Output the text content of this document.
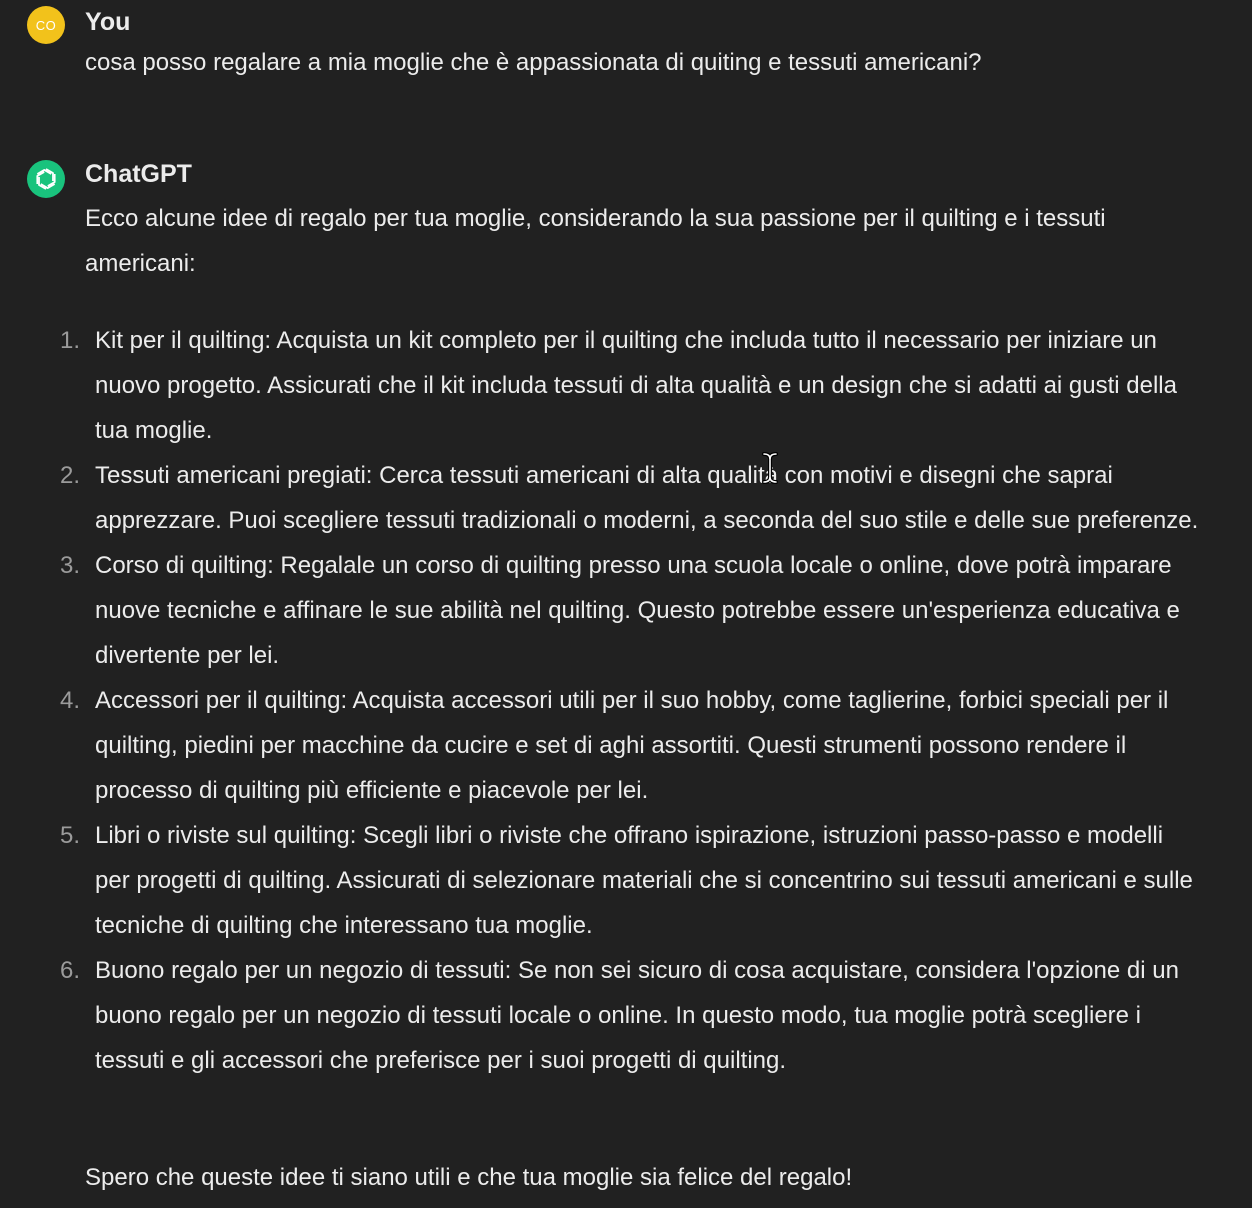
CO You

cosa posso regalare a mia moglie che è appassionata di quiting e tessuti americani?

ChatGPT

Ecco alcune idee di regalo per tua moglie, considerando la sua passione per il quilting e i tessuti americani:

1. Kit per il quilting: Acquista un kit completo per il quilting che includa tutto il necessario per iniziare un nuovo progetto. Assicurati che il kit includa tessuti di alta qualità e un design che si adatti ai gusti della tua moglie.
2. Tessuti americani pregiati: Cerca tessuti americani di alta qualità con motivi e disegni che saprai apprezzare. Puoi scegliere tessuti tradizionali o moderni, a seconda del suo stile e delle sue preferenze.
3. Corso di quilting: Regalale un corso di quilting presso una scuola locale o online, dove potrà imparare nuove tecniche e affinare le sue abilità nel quilting. Questo potrebbe essere un'esperienza educativa e divertente per lei.
4. Accessori per il quilting: Acquista accessori utili per il suo hobby, come taglierine, forbici speciali per il quilting, piedini per macchine da cucire e set di aghi assortiti. Questi strumenti possono rendere il processo di quilting più efficiente e piacevole per lei.
5. Libri o riviste sul quilting: Scegli libri o riviste che offrano ispirazione, istruzioni passo-passo e modelli per progetti di quilting. Assicurati di selezionare materiali che si concentrino sui tessuti americani e sulle tecniche di quilting che interessano tua moglie.
6. Buono regalo per un negozio di tessuti: Se non sei sicuro di cosa acquistare, considera l'opzione di un buono regalo per un negozio di tessuti locale o online. In questo modo, tua moglie potrà scegliere i tessuti e gli accessori che preferisce per i suoi progetti di quilting.

Spero che queste idee ti siano utili e che tua moglie sia felice del regalo!
